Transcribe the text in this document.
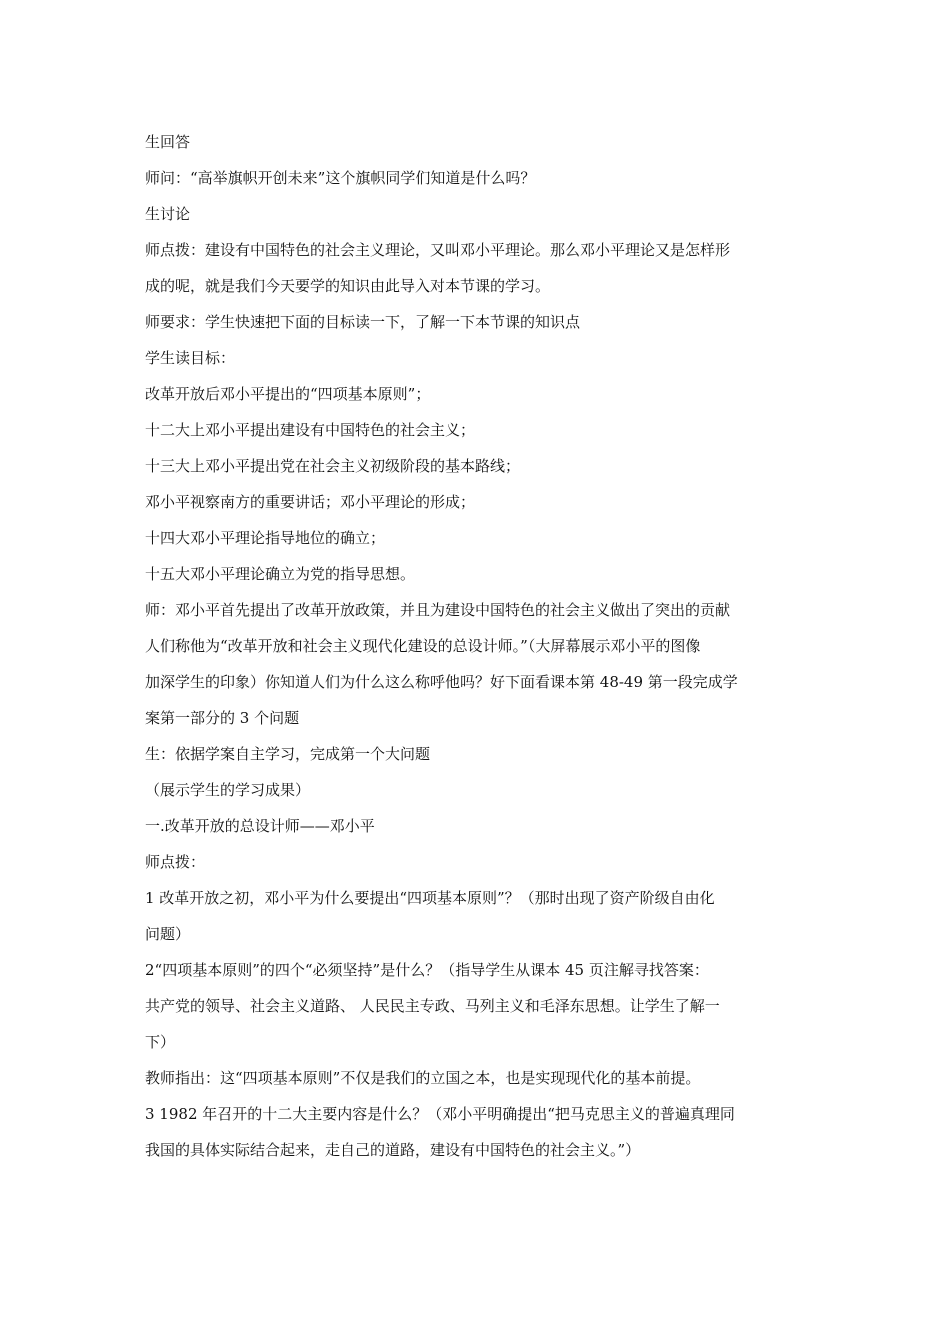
生回答
师问：“高举旗帜开创未来”这个旗帜同学们知道是什么吗？
生讨论
师点拨：建设有中国特色的社会主义理论，又叫邓小平理论。那么邓小平理论又是怎样形
成的呢，就是我们今天要学的知识由此导入对本节课的学习。
师要求：学生快速把下面的目标读一下，了解一下本节课的知识点
学生读目标：
改革开放后邓小平提出的“四项基本原则”；
十二大上邓小平提出建设有中国特色的社会主义；
十三大上邓小平提出党在社会主义初级阶段的基本路线；
邓小平视察南方的重要讲话；邓小平理论的形成；
十四大邓小平理论指导地位的确立；
十五大邓小平理论确立为党的指导思想。
师：邓小平首先提出了改革开放政策，并且为建设中国特色的社会主义做出了突出的贡献
人们称他为“改革开放和社会主义现代化建设的总设计师。”（大屏幕展示邓小平的图像
加深学生的印象）你知道人们为什么这么称呼他吗？好下面看课本第 48-49 第一段完成学
案第一部分的 3 个问题
生：依据学案自主学习，完成第一个大问题
（展示学生的学习成果）
一.改革开放的总设计师——邓小平
师点拨：
1 改革开放之初，邓小平为什么要提出“四项基本原则”？（那时出现了资产阶级自由化
问题）
2“四项基本原则”的四个“必须坚持”是什么？（指导学生从课本 45 页注解寻找答案：
共产党的领导、社会主义道路、 人民民主专政、马列主义和毛泽东思想。让学生了解一
下）
教师指出：这“四项基本原则”不仅是我们的立国之本，也是实现现代化的基本前提。
3 1982 年召开的十二大主要内容是什么？（邓小平明确提出“把马克思主义的普遍真理同
我国的具体实际结合起来，走自己的道路，建设有中国特色的社会主义。”）
